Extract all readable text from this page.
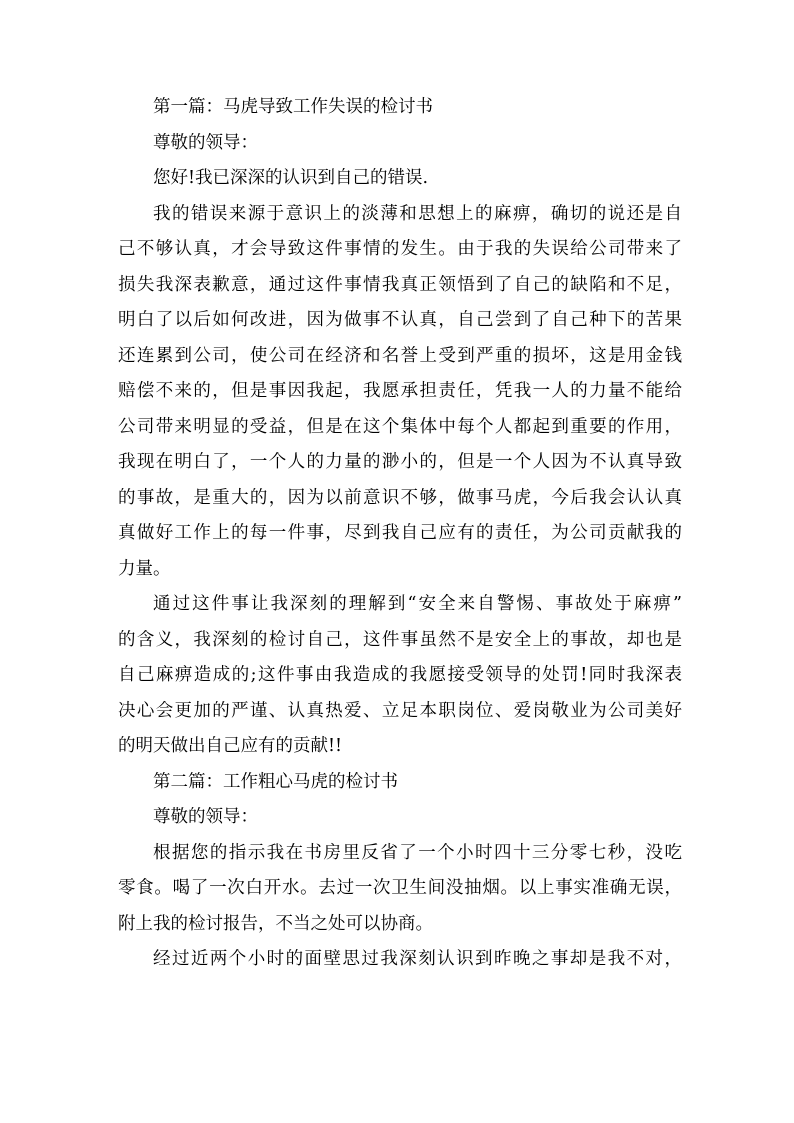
第一篇：马虎导致工作失误的检讨书
尊敬的领导：
您好!我已深深的认识到自己的错误.
我的错误来源于意识上的淡薄和思想上的麻痹，确切的说还是自
己不够认真，才会导致这件事情的发生。由于我的失误给公司带来了
损失我深表歉意，通过这件事情我真正领悟到了自己的缺陷和不足，
明白了以后如何改进，因为做事不认真，自己尝到了自己种下的苦果
还连累到公司，使公司在经济和名誉上受到严重的损坏，这是用金钱
赔偿不来的，但是事因我起，我愿承担责任，凭我一人的力量不能给
公司带来明显的受益，但是在这个集体中每个人都起到重要的作用，
我现在明白了，一个人的力量的渺小的，但是一个人因为不认真导致
的事故，是重大的，因为以前意识不够，做事马虎，今后我会认认真
真做好工作上的每一件事，尽到我自己应有的责任，为公司贡献我的
力量。
通过这件事让我深刻的理解到“安全来自警惕、事故处于麻痹”
的含义，我深刻的检讨自己，这件事虽然不是安全上的事故，却也是
自己麻痹造成的;这件事由我造成的我愿接受领导的处罚!同时我深表
决心会更加的严谨、认真热爱、立足本职岗位、爱岗敬业为公司美好
的明天做出自己应有的贡献!!
第二篇：工作粗心马虎的检讨书
尊敬的领导：
根据您的指示我在书房里反省了一个小时四十三分零七秒，没吃
零食。喝了一次白开水。去过一次卫生间没抽烟。以上事实准确无误，
附上我的检讨报告，不当之处可以协商。
经过近两个小时的面壁思过我深刻认识到昨晚之事却是我不对，
